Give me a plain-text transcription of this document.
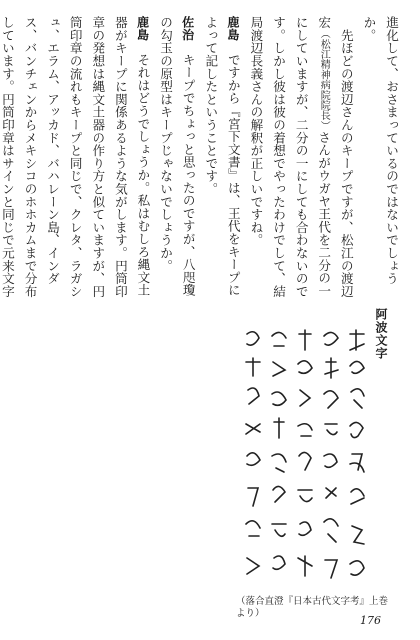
進化して、おさまっているのではないでしょうか。

　先ほどの渡辺さんのキープですが、松江の渡辺宏（松江精神病院院長）さんがウガヤ王代を二分の一にしていますが、二分の一にしても合わないのです。しかし彼は彼の着想でやったわけでして、結局渡辺長義さんの解釈が正しいですね。

鹿島　ですから『宮下文書』は、王代をキープによって記したということです。

佐治　キープでちょっと思ったのですが、八咫瓊の勾玉の原型はキープじゃないでしょうか。

鹿島　それはどうでしょうか。私はむしろ縄文土器がキープに関係あるような気がします。円筒印章の発想は縄文土器の作り方と似ていますが、円筒印章の流れもキープと同じで、クレタ、ラガシュ、エラム、アッカド、バハレーン島、インダス、バンチェンからメキシコのホホカムまで分布しています。円筒印章はサインと同じで元来文字

阿波文字
（落合直澄『日本古代文字考』上巻より）
176
